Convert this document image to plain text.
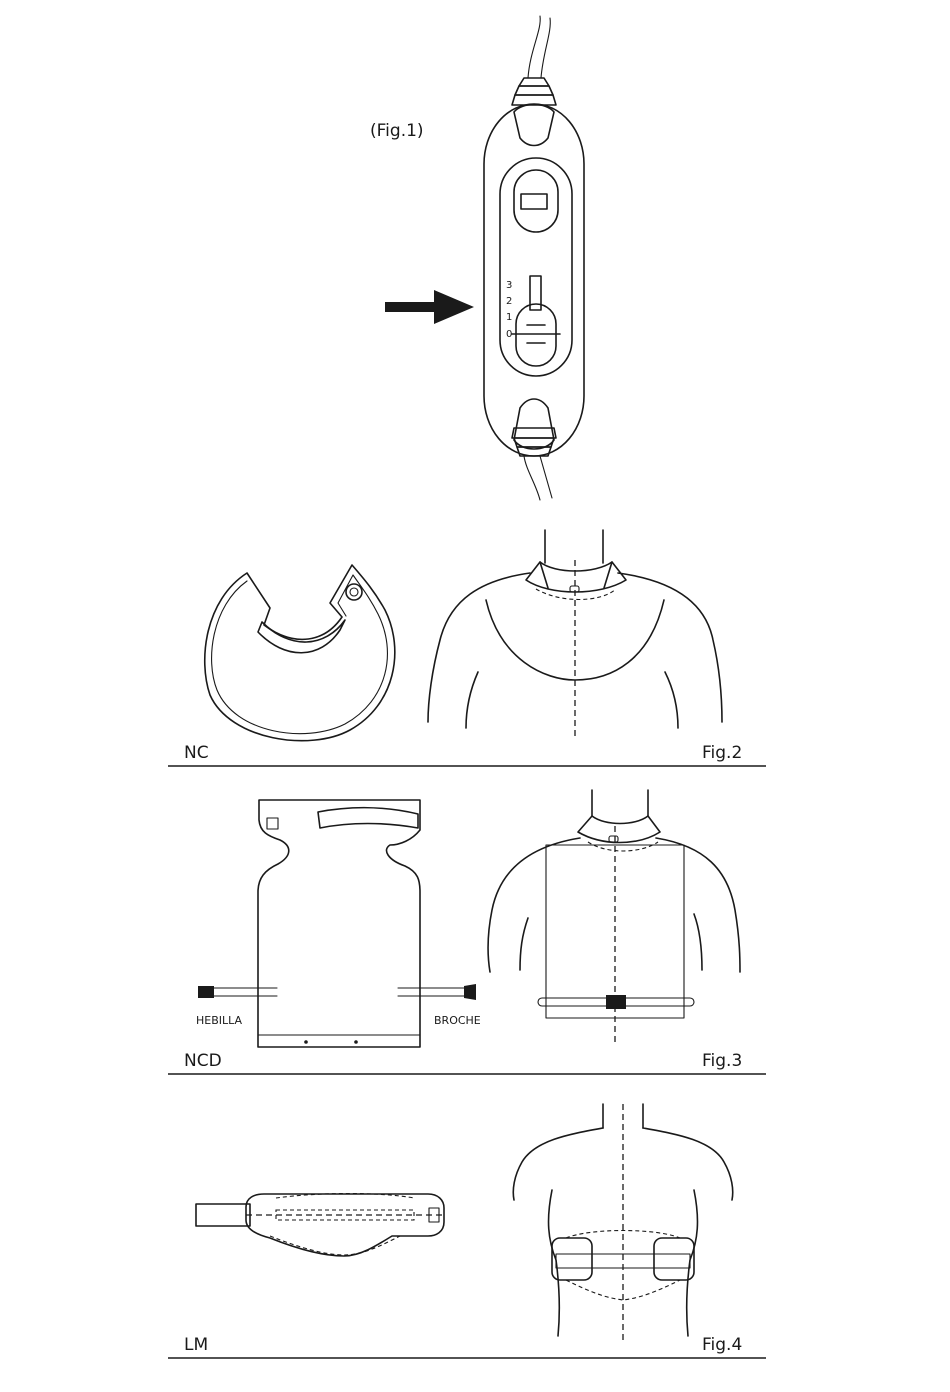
3
2
1
0
(Fig.1)
NC	Fig.2
HEBILLA	BROCHE
NCD	Fig.3
LM	Fig.4
